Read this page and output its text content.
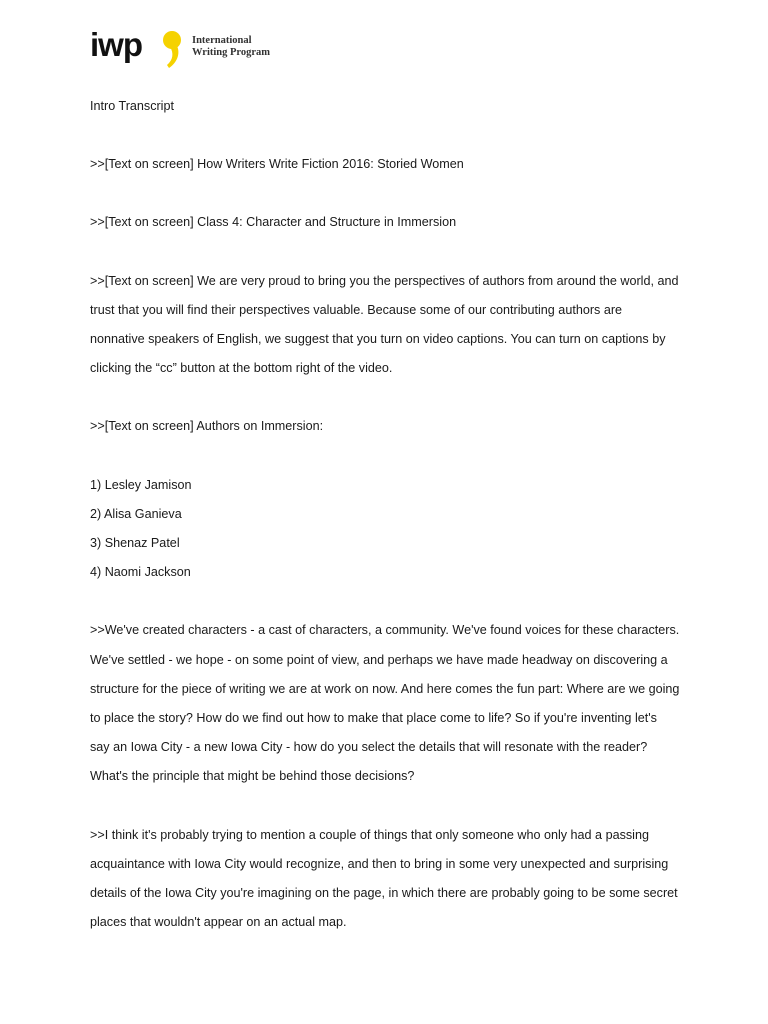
iwp	International
Writing Program

Intro Transcript

>>[Text on screen] How Writers Write Fiction 2016: Storied Women

>>[Text on screen] Class 4: Character and Structure in Immersion

>>[Text on screen] We are very proud to bring you the perspectives of authors from around the world, and trust that you will find their perspectives valuable. Because some of our contributing authors are nonnative speakers of English, we suggest that you turn on video captions. You can turn on captions by clicking the “cc” button at the bottom right of the video.

>>[Text on screen] Authors on Immersion:

1) Lesley Jamison
2) Alisa Ganieva
3) Shenaz Patel
4) Naomi Jackson

>>We've created characters - a cast of characters, a community. We've found voices for these characters. We've settled - we hope - on some point of view, and perhaps we have made headway on discovering a structure for the piece of writing we are at work on now. And here comes the fun part: Where are we going to place the story? How do we find out how to make that place come to life? So if you're inventing let's say an Iowa City - a new Iowa City - how do you select the details that will resonate with the reader? What's the principle that might be behind those decisions?

>>I think it's probably trying to mention a couple of things that only someone who only had a passing acquaintance with Iowa City would recognize, and then to bring in some very unexpected and surprising details of the Iowa City you're imagining on the page, in which there are probably going to be some secret places that wouldn't appear on an actual map.
